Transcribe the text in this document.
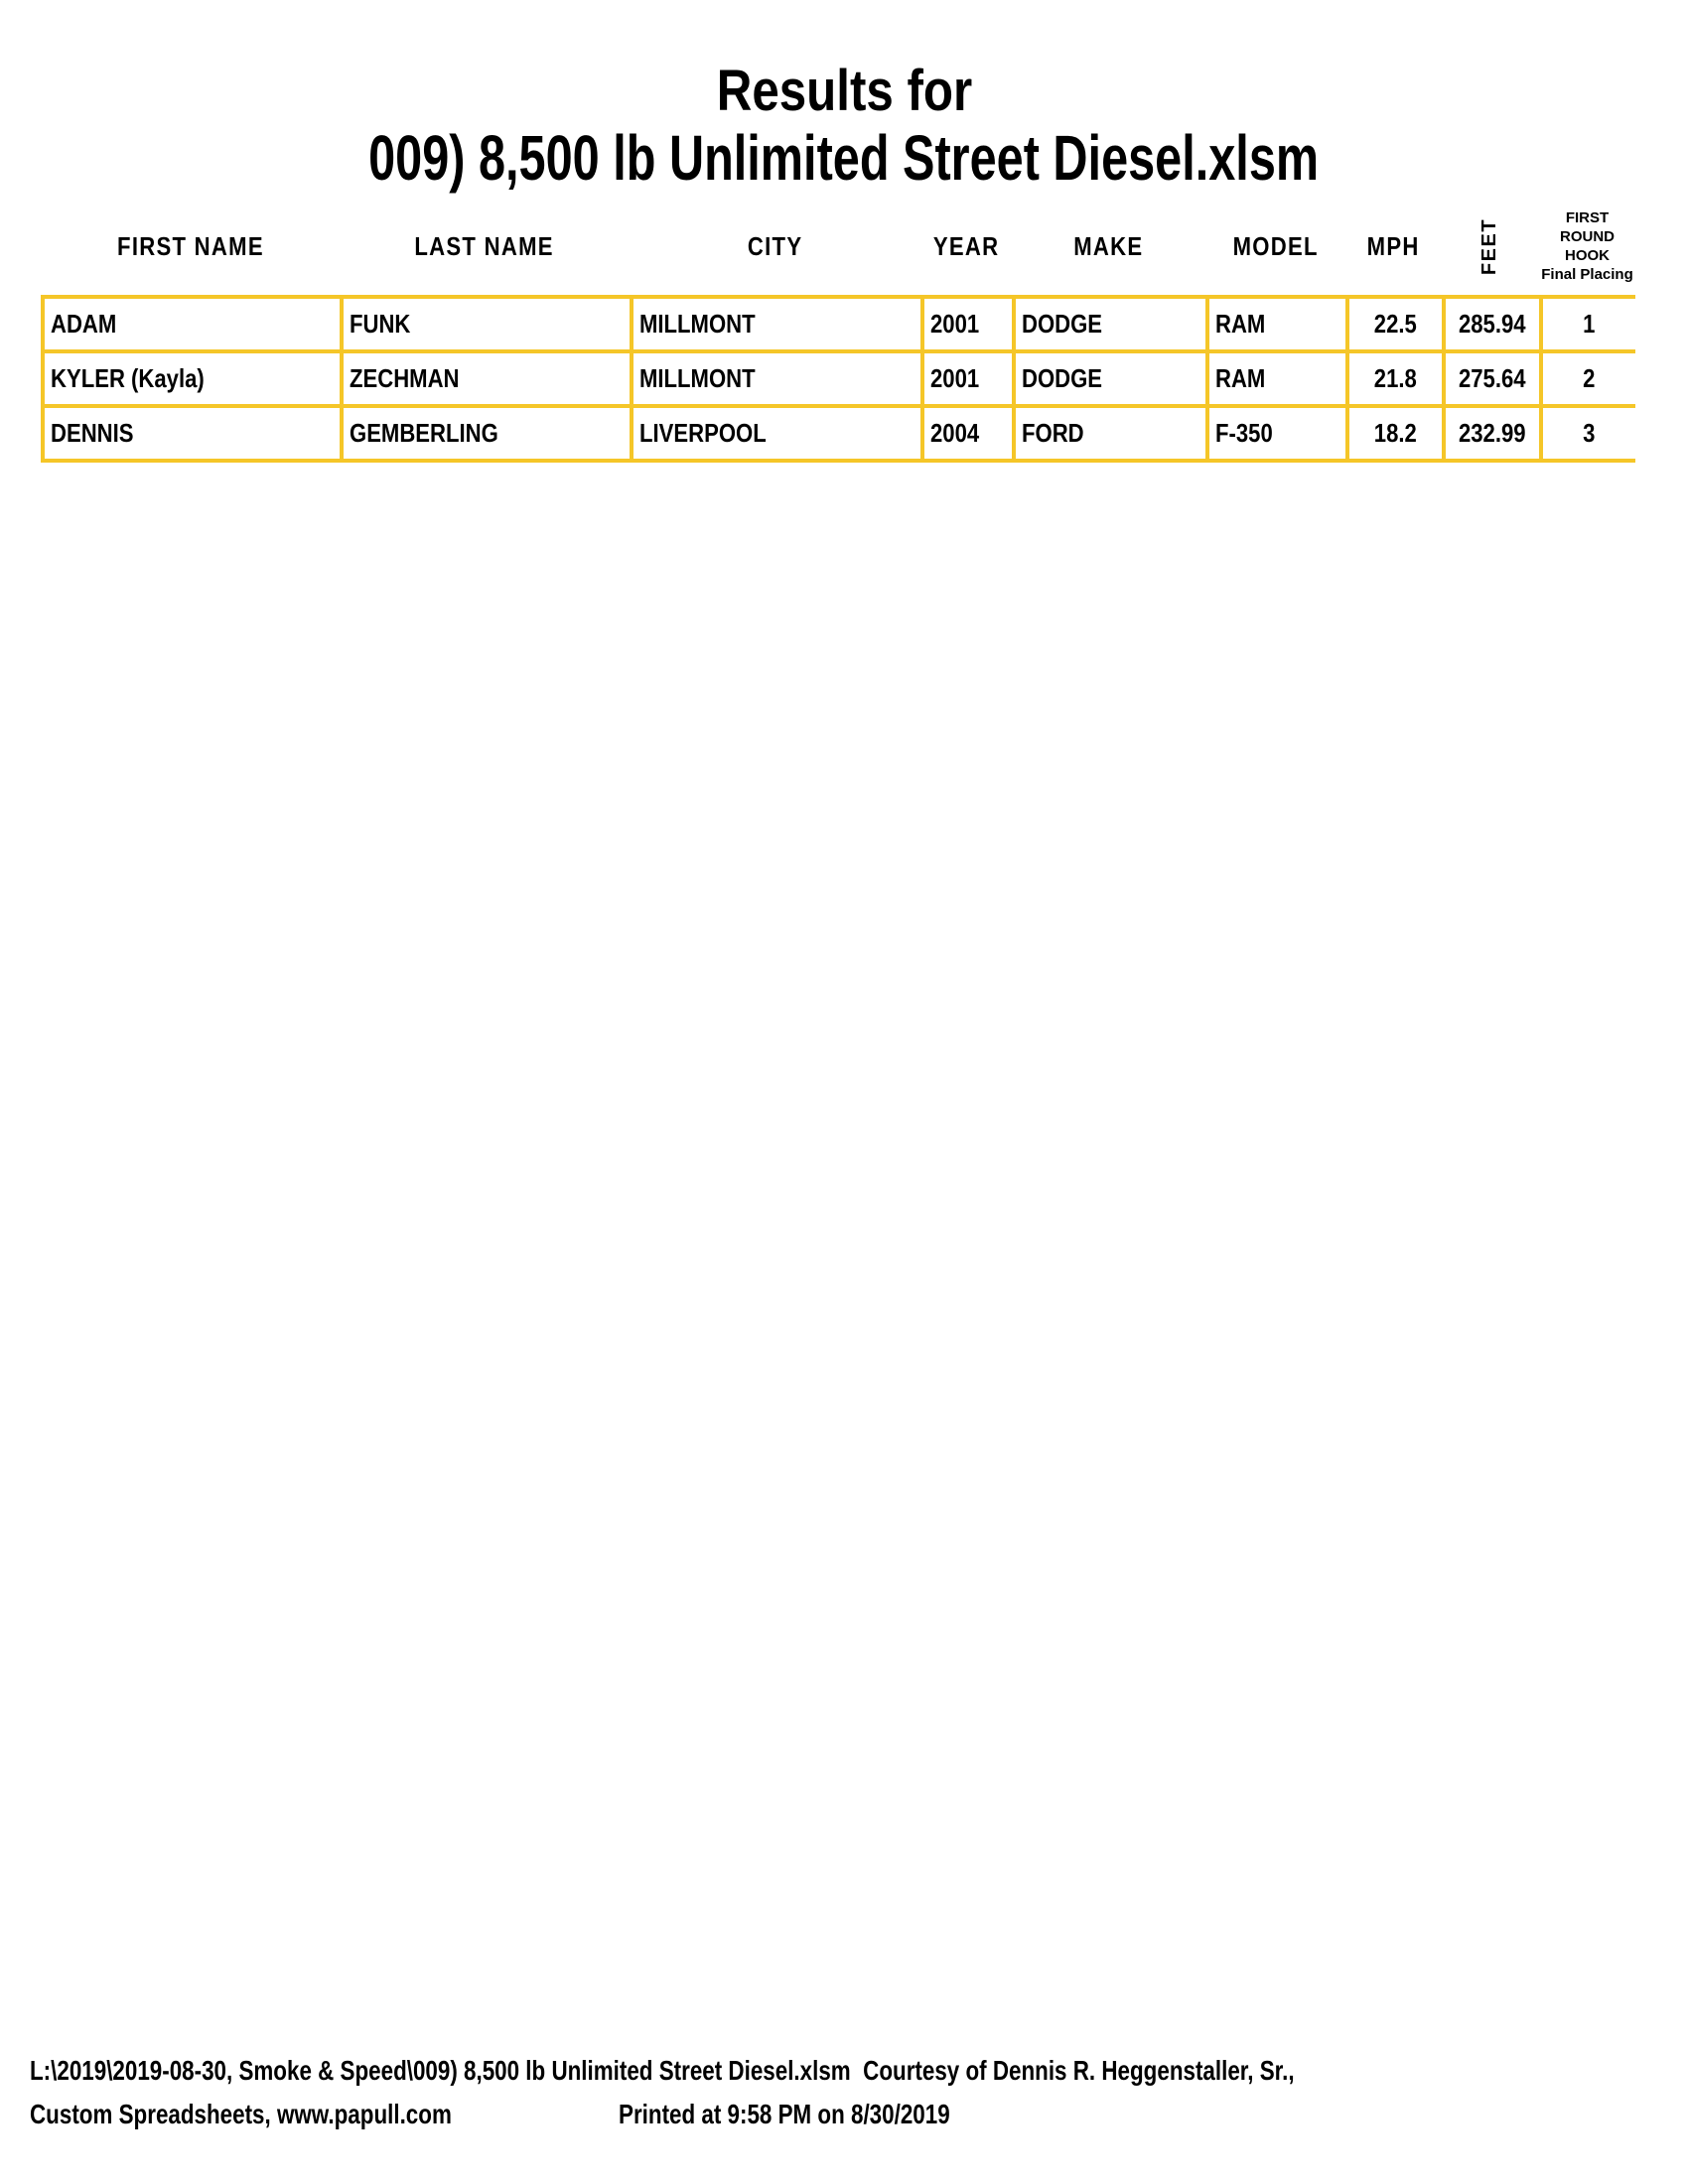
Results for
009) 8,500 lb Unlimited Street Diesel.xlsm
FIRST NAME	LAST NAME	CITY	YEAR	MAKE	MODEL MPH	FEET	FIRST ROUND
HOOK
Final Placing
ADAM	FUNK	MILLMONT	2001 DODGE	RAM	22.5 285.94 1
KYLER (Kayla)	ZECHMAN	MILLMONT	2001 DODGE	RAM	21.8 275.64 2
DENNIS	GEMBERLING	LIVERPOOL	2004 FORD	F-350	18.2 232.99 3
L:\2019\2019-08-30, Smoke & Speed\009) 8,500 lb Unlimited Street Diesel.xlsm  Courtesy of Dennis R. Heggenstaller, Sr.,
Custom Spreadsheets, www.papull.com	Printed at 9:58 PM on 8/30/2019
